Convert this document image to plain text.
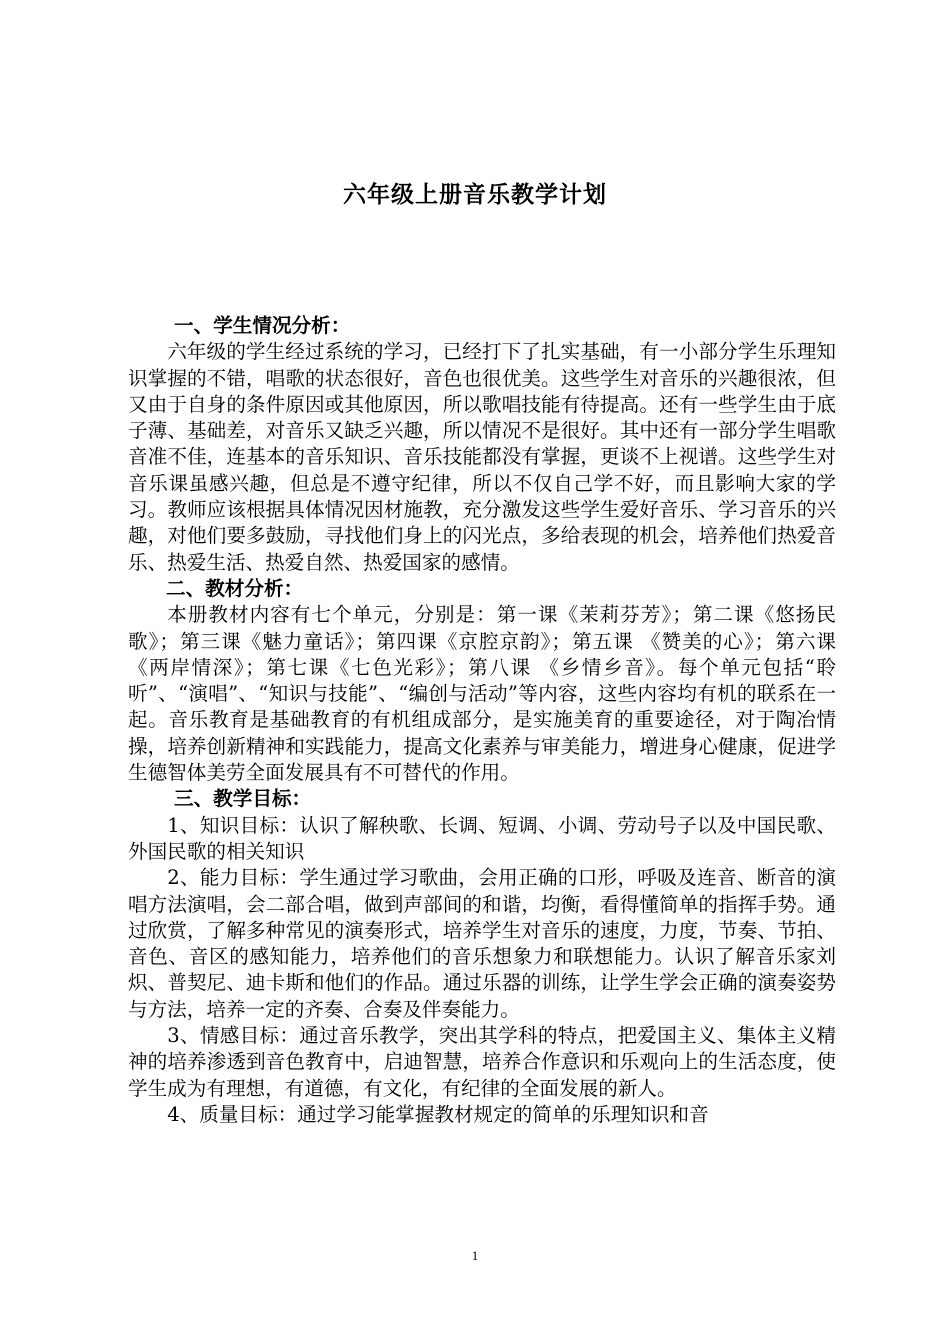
六年级上册音乐教学计划
一、学生情况分析：

六年级的学生经过系统的学习，已经打下了扎实基础，有一小部分学生乐理知识掌握的不错，唱歌的状态很好，音色也很优美。这些学生对音乐的兴趣很浓，但又由于自身的条件原因或其他原因，所以歌唱技能有待提高。还有一些学生由于底子薄、基础差，对音乐又缺乏兴趣，所以情况不是很好。其中还有一部分学生唱歌音准不佳，连基本的音乐知识、音乐技能都没有掌握，更谈不上视谱。这些学生对音乐课虽感兴趣，但总是不遵守纪律，所以不仅自己学不好，而且影响大家的学习。教师应该根据具体情况因材施教，充分激发这些学生爱好音乐、学习音乐的兴趣，对他们要多鼓励，寻找他们身上的闪光点，多给表现的机会，培养他们热爱音乐、热爱生活、热爱自然、热爱国家的感情。

二、教材分析：

本册教材内容有七个单元，分别是：第一课《茉莉芬芳》；第二课《悠扬民歌》；第三课《魅力童话》；第四课《京腔京韵》；第五课 《赞美的心》；第六课 《两岸情深》；第七课《七色光彩》；第八课 《乡情乡音》。每个单元包括“聆听”、“演唱”、“知识与技能”、“编创与活动”等内容，这些内容均有机的联系在一起。音乐教育是基础教育的有机组成部分，是实施美育的重要途径，对于陶冶情操，培养创新精神和实践能力，提高文化素养与审美能力，增进身心健康，促进学生德智体美劳全面发展具有不可替代的作用。

三、教学目标：

1、知识目标：认识了解秧歌、长调、短调、小调、劳动号子以及中国民歌、外国民歌的相关知识

2、能力目标：学生通过学习歌曲，会用正确的口形，呼吸及连音、断音的演唱方法演唱，会二部合唱，做到声部间的和谐，均衡，看得懂简单的指挥手势。通过欣赏，了解多种常见的演奏形式，培养学生对音乐的速度，力度，节奏、节拍、音色、音区的感知能力，培养他们的音乐想象力和联想能力。认识了解音乐家刘炽、普契尼、迪卡斯和他们的作品。通过乐器的训练，让学生学会正确的演奏姿势与方法，培养一定的齐奏、合奏及伴奏能力。

3、情感目标：通过音乐教学，突出其学科的特点，把爱国主义、集体主义精神的培养渗透到音色教育中，启迪智慧，培养合作意识和乐观向上的生活态度，使学生成为有理想，有道德，有文化，有纪律的全面发展的新人。

4、质量目标：通过学习能掌握教材规定的简单的乐理知识和音

1
